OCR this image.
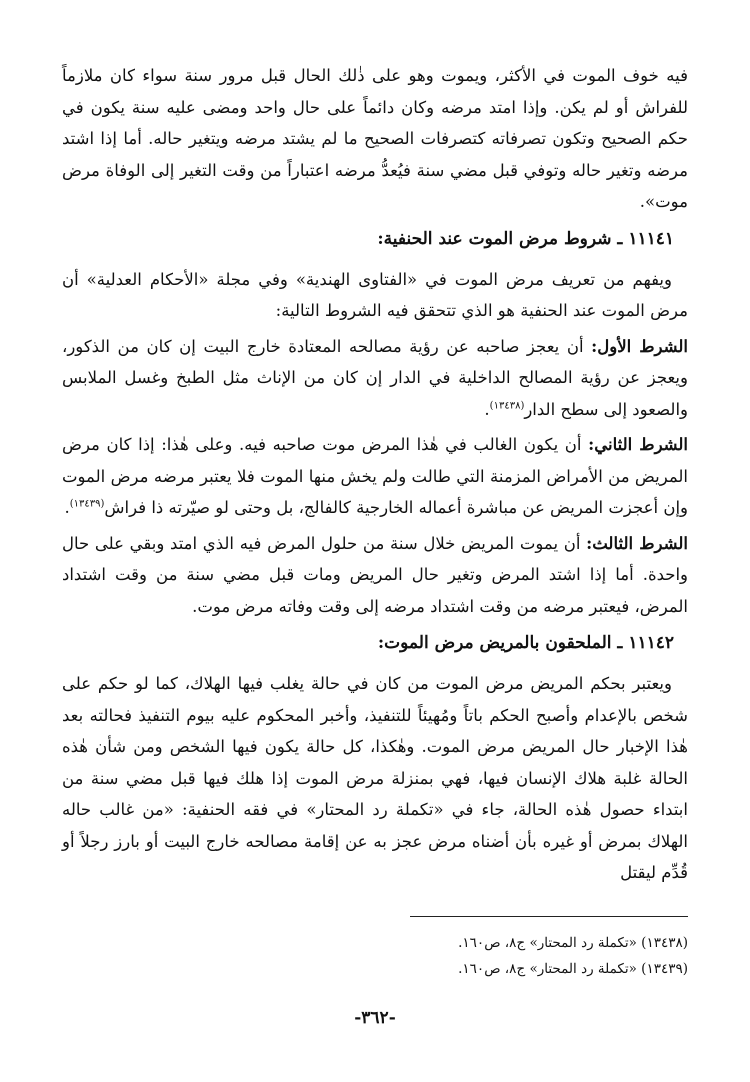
فيه خوف الموت في الأكثر، ويموت وهو على ذٰلك الحال قبل مرور سنة سواء كان ملازماً للفراش أو لم يكن. وإذا امتد مرضه وكان دائماً على حال واحد ومضى عليه سنة يكون في حكم الصحيح وتكون تصرفاته كتصرفات الصحيح ما لم يشتد مرضه ويتغير حاله. أما إذا اشتد مرضه وتغير حاله وتوفي قبل مضي سنة فيُعدُّ مرضه اعتباراً من وقت التغير إلى الوفاة مرض موت».

١١١٤١ ـ شروط مرض الموت عند الحنفية:

ويفهم من تعريف مرض الموت في «الفتاوى الهندية» وفي مجلة «الأحكام العدلية» أن مرض الموت عند الحنفية هو الذي تتحقق فيه الشروط التالية:

الشرط الأول: أن يعجز صاحبه عن رؤية مصالحه المعتادة خارج البيت إن كان من الذكور، ويعجز عن رؤية المصالح الداخلية في الدار إن كان من الإناث مثل الطبخ وغسل الملابس والصعود إلى سطح الدار$^{(١٣٤٣٨)}$.

الشرط الثاني: أن يكون الغالب في هٰذا المرض موت صاحبه فيه. وعلى هٰذا: إذا كان مرض المريض من الأمراض المزمنة التي طالت ولم يخش منها الموت فلا يعتبر مرضه مرض الموت وإن أعجزت المريض عن مباشرة أعماله الخارجية كالفالج، بل وحتى لو صيّرته ذا فراش$^{(١٣٤٣٩)}$.

الشرط الثالث: أن يموت المريض خلال سنة من حلول المرض فيه الذي امتد وبقي على حال واحدة. أما إذا اشتد المرض وتغير حال المريض ومات قبل مضي سنة من وقت اشتداد المرض، فيعتبر مرضه من وقت اشتداد مرضه إلى وقت وفاته مرض موت.

١١١٤٢ ـ الملحقون بالمريض مرض الموت:

ويعتبر بحكم المريض مرض الموت من كان في حالة يغلب فيها الهلاك، كما لو حكم على شخص بالإعدام وأصبح الحكم باتاً ومُهيئاً للتنفيذ، وأخبر المحكوم عليه بيوم التنفيذ فحالته بعد هٰذا الإخبار حال المريض مرض الموت. وهٰكذا، كل حالة يكون فيها الشخص ومن شأن هٰذه الحالة غلبة هلاك الإنسان فيها، فهي بمنزلة مرض الموت إذا هلك فيها قبل مضي سنة من ابتداء حصول هٰذه الحالة، جاء في «تكملة رد المحتار» في فقه الحنفية: «من غالب حاله الهلاك بمرض أو غيره بأن أضناه مرض عجز به عن إقامة مصالحه خارج البيت أو بارز رجلاً أو قُدِّم ليقتل

(١٣٤٣٨) «تكملة رد المحتار» ج٨، ص١٦٠.

(١٣٤٣٩) «تكملة رد المحتار» ج٨، ص١٦٠.

-٣٦٢-
